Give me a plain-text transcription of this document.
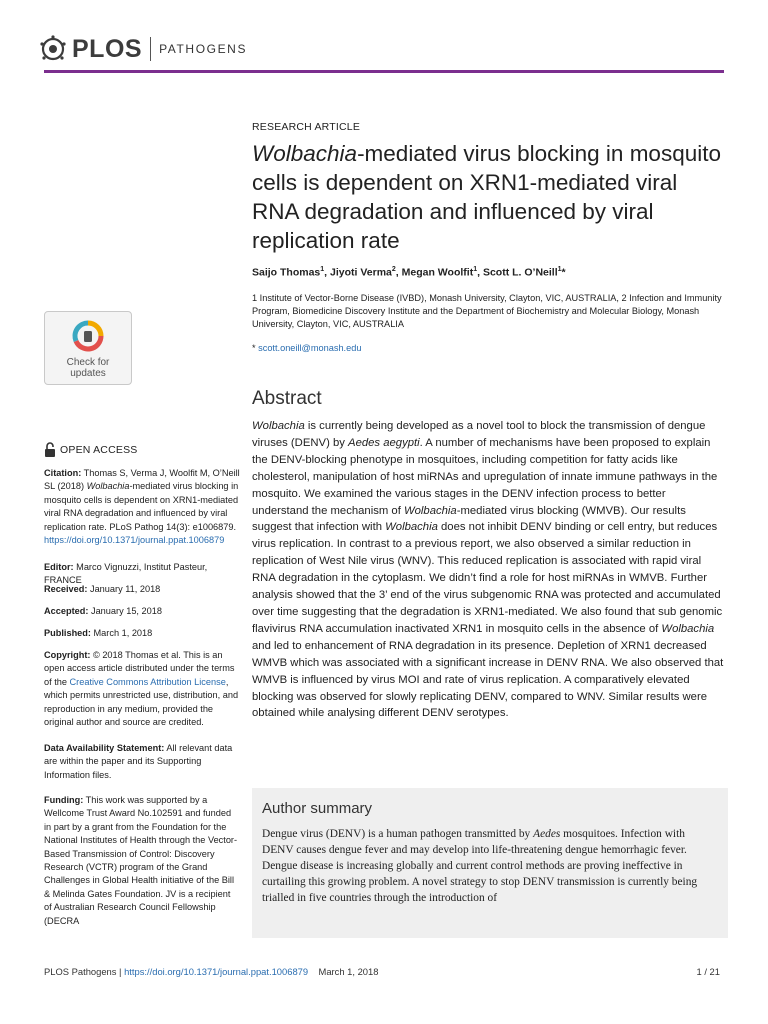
PLOS PATHOGENS
Check for
updates
OPEN ACCESS
Citation: Thomas S, Verma J, Woolfit M, O’Neill SL (2018) Wolbachia-mediated virus blocking in mosquito cells is dependent on XRN1-mediated viral RNA degradation and influenced by viral replication rate. PLoS Pathog 14(3): e1006879. https://doi.org/10.1371/journal.ppat.1006879
Editor: Marco Vignuzzi, Institut Pasteur, FRANCE
Received: January 11, 2018
Accepted: January 15, 2018
Published: March 1, 2018
Copyright: © 2018 Thomas et al. This is an open access article distributed under the terms of the Creative Commons Attribution License, which permits unrestricted use, distribution, and reproduction in any medium, provided the original author and source are credited.
Data Availability Statement: All relevant data are within the paper and its Supporting Information files.
Funding: This work was supported by a Wellcome Trust Award No.102591 and funded in part by a grant from the Foundation for the National Institutes of Health through the Vector-Based Transmission of Control: Discovery Research (VCTR) program of the Grand Challenges in Global Health initiative of the Bill & Melinda Gates Foundation. JV is a recipient of Australian Research Council Fellowship (DECRA
RESEARCH ARTICLE
Wolbachia-mediated virus blocking in mosquito cells is dependent on XRN1-mediated viral RNA degradation and influenced by viral replication rate
Saijo Thomas$^1$, Jiyoti Verma$^2$, Megan Woolfit$^1$, Scott L. O’Neill$^1$*
1 Institute of Vector-Borne Disease (IVBD), Monash University, Clayton, VIC, AUSTRALIA, 2 Infection and Immunity Program, Biomedicine Discovery Institute and the Department of Biochemistry and Molecular Biology, Monash University, Clayton, VIC, AUSTRALIA
* scott.oneill@monash.edu
Abstract
Wolbachia is currently being developed as a novel tool to block the transmission of dengue viruses (DENV) by Aedes aegypti. A number of mechanisms have been proposed to explain the DENV-blocking phenotype in mosquitoes, including competition for fatty acids like cholesterol, manipulation of host miRNAs and upregulation of innate immune pathways in the mosquito. We examined the various stages in the DENV infection process to better understand the mechanism of Wolbachia-mediated virus blocking (WMVB). Our results suggest that infection with Wolbachia does not inhibit DENV binding or cell entry, but reduces virus replication. In contrast to a previous report, we also observed a similar reduction in replication of West Nile virus (WNV). This reduced replication is associated with rapid viral RNA degradation in the cytoplasm. We didn’t find a role for host miRNAs in WMVB. Further analysis showed that the 3’ end of the virus subgenomic RNA was protected and accumulated over time suggesting that the degradation is XRN1-mediated. We also found that sub genomic flavivirus RNA accumulation inactivated XRN1 in mosquito cells in the absence of Wolbachia and led to enhancement of RNA degradation in its presence. Depletion of XRN1 decreased WMVB which was associated with a significant increase in DENV RNA. We also observed that WMVB is influenced by virus MOI and rate of virus replication. A comparatively elevated blocking was observed for slowly replicating DENV, compared to WNV. Similar results were obtained while analysing different DENV serotypes.
Author summary
Dengue virus (DENV) is a human pathogen transmitted by Aedes mosquitoes. Infection with DENV causes dengue fever and may develop into life-threatening dengue hemorrhagic fever. Dengue disease is increasing globally and current control methods are proving ineffective in curtailing this growing problem. A novel strategy to stop DENV transmission is currently being trialled in five countries through the introduction of
PLOS Pathogens | https://doi.org/10.1371/journal.ppat.1006879 March 1, 2018	1 / 21
